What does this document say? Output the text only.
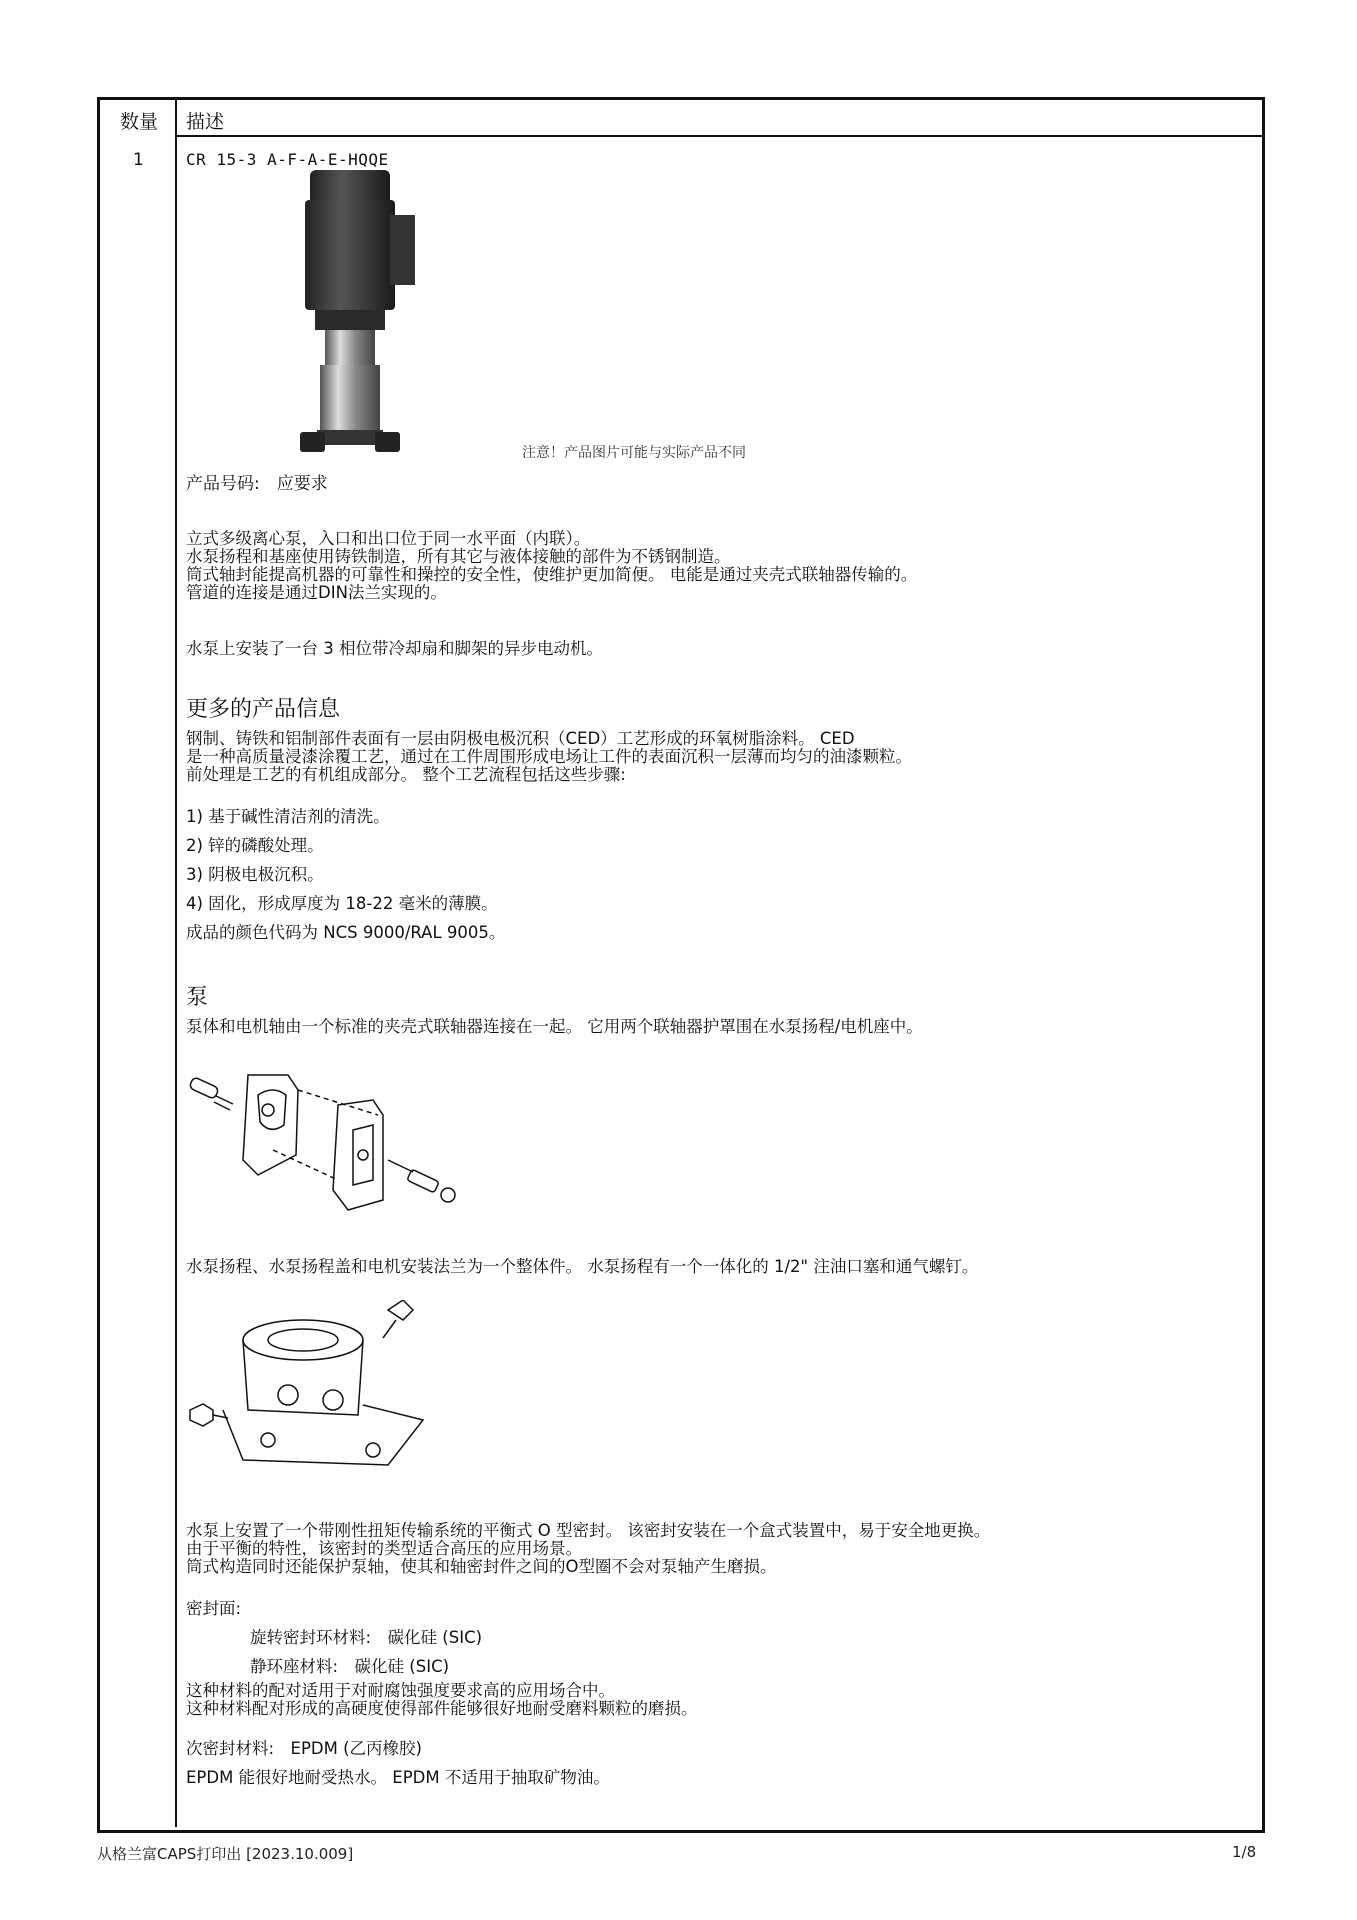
数量 描述
1	CR 15-3 A-F-A-E-HQQE
注意！产品图片可能与实际产品不同
产品号码:　应要求
立式多级离心泵，入口和出口位于同一水平面（内联）。
水泵扬程和基座使用铸铁制造，所有其它与液体接触的部件为不锈钢制造。
筒式轴封能提高机器的可靠性和操控的安全性，使维护更加简便。 电能是通过夹壳式联轴器传输的。
管道的连接是通过DIN法兰实现的。
水泵上安装了一台 3 相位带冷却扇和脚架的异步电动机。
更多的产品信息
钢制、铸铁和铝制部件表面有一层由阴极电极沉积（CED）工艺形成的环氧树脂涂料。 CED
是一种高质量浸漆涂覆工艺，通过在工件周围形成电场让工件的表面沉积一层薄而均匀的油漆颗粒。
前处理是工艺的有机组成部分。 整个工艺流程包括这些步骤:
1) 基于碱性清洁剂的清洗。
2) 锌的磷酸处理。
3) 阴极电极沉积。
4) 固化，形成厚度为 18-22 毫米的薄膜。
成品的颜色代码为 NCS 9000/RAL 9005。
泵
泵体和电机轴由一个标准的夹壳式联轴器连接在一起。 它用两个联轴器护罩围在水泵扬程/电机座中。
水泵扬程、水泵扬程盖和电机安装法兰为一个整体件。 水泵扬程有一个一体化的 1/2" 注油口塞和通气螺钉。
水泵上安置了一个带刚性扭矩传输系统的平衡式 O 型密封。 该密封安装在一个盒式装置中，易于安全地更换。
由于平衡的特性，该密封的类型适合高压的应用场景。
筒式构造同时还能保护泵轴，使其和轴密封件之间的O型圈不会对泵轴产生磨损。
密封面:
旋转密封环材料:　碳化硅 (SIC)
静环座材料:　碳化硅 (SIC)
这种材料的配对适用于对耐腐蚀强度要求高的应用场合中。
这种材料配对形成的高硬度使得部件能够很好地耐受磨料颗粒的磨损。
次密封材料:　EPDM (乙丙橡胶)
EPDM 能很好地耐受热水。 EPDM 不适用于抽取矿物油。
从格兰富CAPS打印出 [2023.10.009]	1/8
